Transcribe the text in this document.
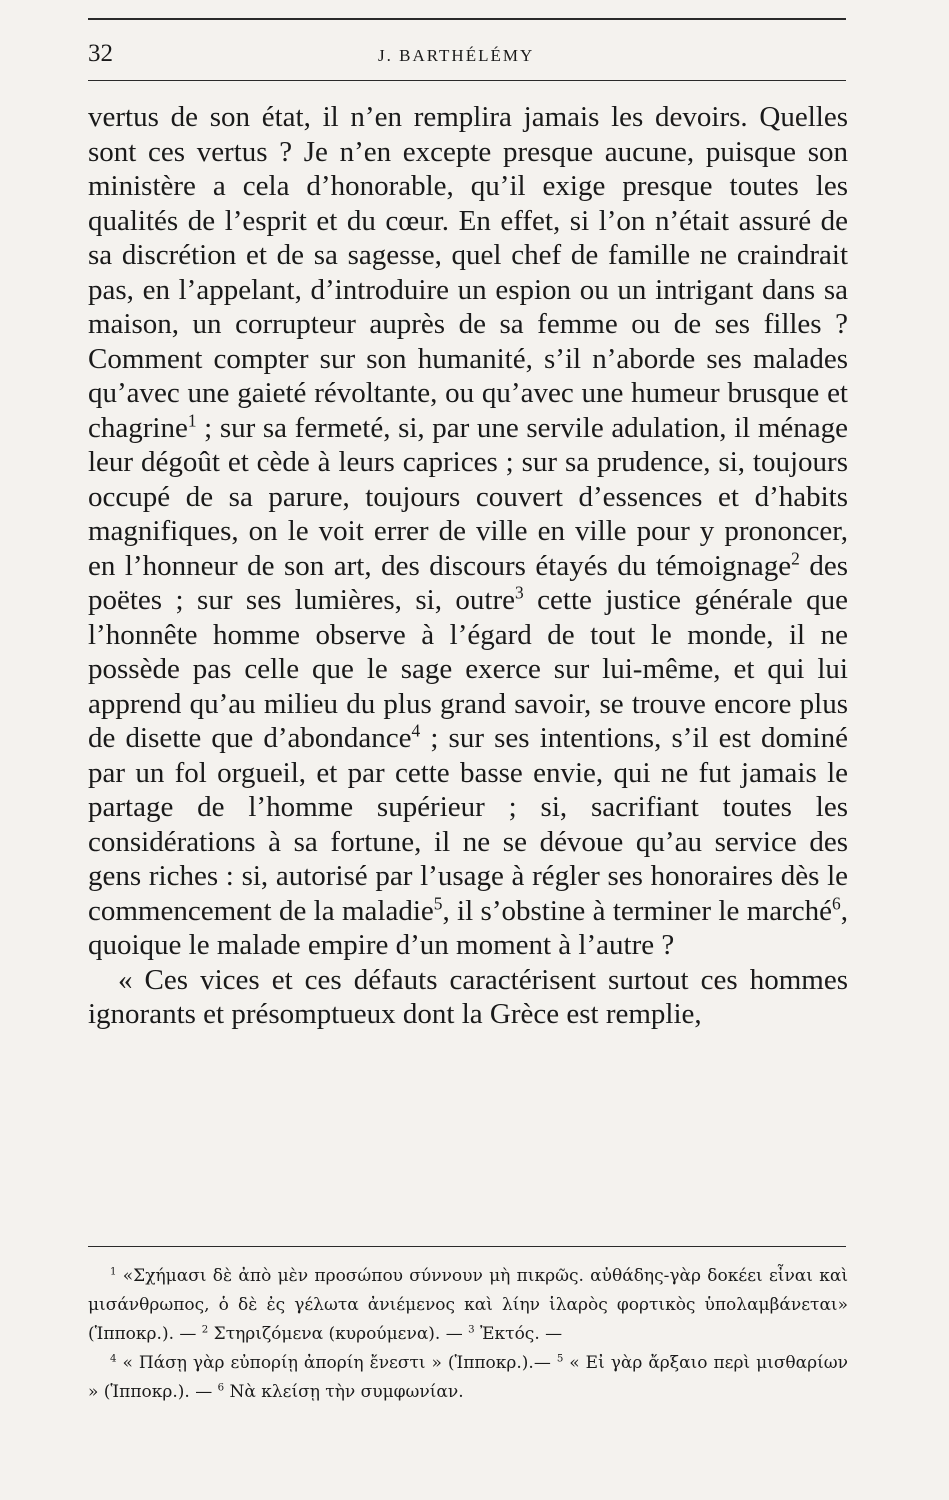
32	J. BARTHÉLÉMY

vertus de son état, il n’en remplira jamais les devoirs. Quelles sont ces vertus ? Je n’en excepte presque aucune, puisque son ministère a cela d’honorable, qu’il exige presque toutes les qualités de l’esprit et du cœur. En effet, si l’on n’était assuré de sa discrétion et de sa sagesse, quel chef de famille ne craindrait pas, en l’appelant, d’introduire un espion ou un intrigant dans sa maison, un corrupteur auprès de sa femme ou de ses filles ? Comment compter sur son humanité, s’il n’aborde ses malades qu’avec une gaieté révoltante, ou qu’avec une humeur brusque et chagrine$^1$ ; sur sa fermeté, si, par une servile adulation, il ménage leur dégoût et cède à leurs caprices ; sur sa prudence, si, toujours occupé de sa parure, toujours couvert d’essences et d’habits magnifiques, on le voit errer de ville en ville pour y prononcer, en l’honneur de son art, des discours étayés du témoignage$^2$ des poëtes ; sur ses lumières, si, outre$^3$ cette justice générale que l’honnête homme observe à l’égard de tout le monde, il ne possède pas celle que le sage exerce sur lui-même, et qui lui apprend qu’au milieu du plus grand savoir, se trouve encore plus de disette que d’abondance$^4$ ; sur ses intentions, s’il est dominé par un fol orgueil, et par cette basse envie, qui ne fut jamais le partage de l’homme supérieur ; si, sacrifiant toutes les considérations à sa fortune, il ne se dévoue qu’au service des gens riches : si, autorisé par l’usage à régler ses honoraires dès le commencement de la maladie$^5$, il s’obstine à terminer le marché$^6$, quoique le malade empire d’un moment à l’autre ?

« Ces vices et ces défauts caractérisent surtout ces hommes ignorants et présomptueux dont la Grèce est remplie,

$^1$ «Σχήμασι δὲ ἀπὸ μὲν προσώπου σύννουν μὴ πικρῶς. αὐθάδης-γὰρ δοκέει εἶναι καὶ μισάνθρωπος, ὁ δὲ ἐς γέλωτα ἀνιέμενος καὶ λίην ἱλαρὸς φορτικὸς ὑπολαμβάνεται» (Ἱπποκρ.). — $^2$ Στηριζόμενα (κυρούμενα). — $^3$ Ἐκτός. —

$^4$ « Πάσῃ γὰρ εὐπορίῃ ἀπορίη ἔνεστι » (Ἱπποκρ.).— $^5$ « Εἰ γὰρ ἄρξαιο περὶ μισθαρίων » (Ἱπποκρ.). — $^6$ Νὰ κλείσῃ τὴν συμφωνίαν.
